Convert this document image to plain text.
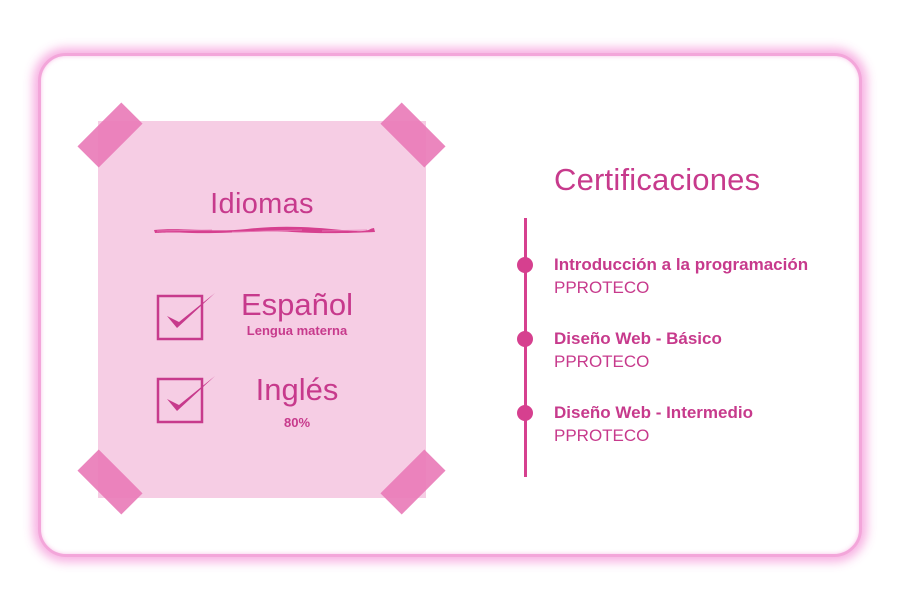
Idiomas
Español
Lengua materna
Inglés
80%
Certificaciones
Introducción a la programación
PPROTECO
Diseño Web - Básico
PPROTECO
Diseño Web - Intermedio
PPROTECO
